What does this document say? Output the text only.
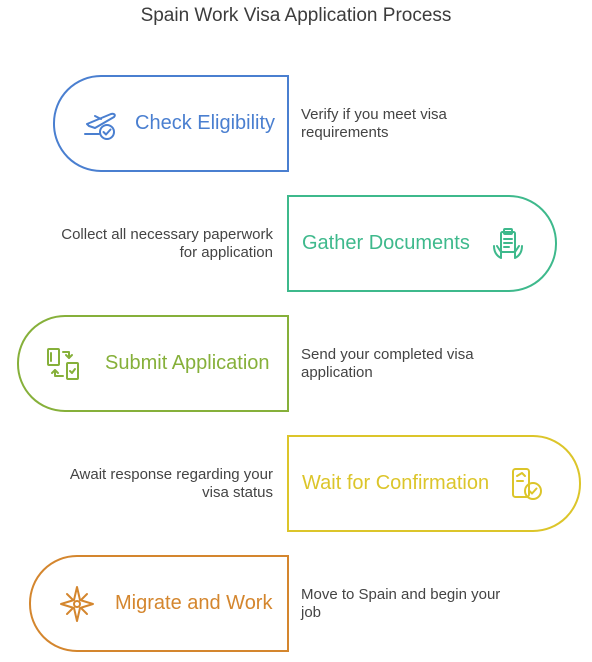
Spain Work Visa Application Process
Check Eligibility Verify if you meet visa requirements
Collect all necessary paperwork for application Gather Documents
Submit Application Send your completed visa application
Await response regarding your visa status Wait for Confirmation
Migrate and Work Move to Spain and begin your job
